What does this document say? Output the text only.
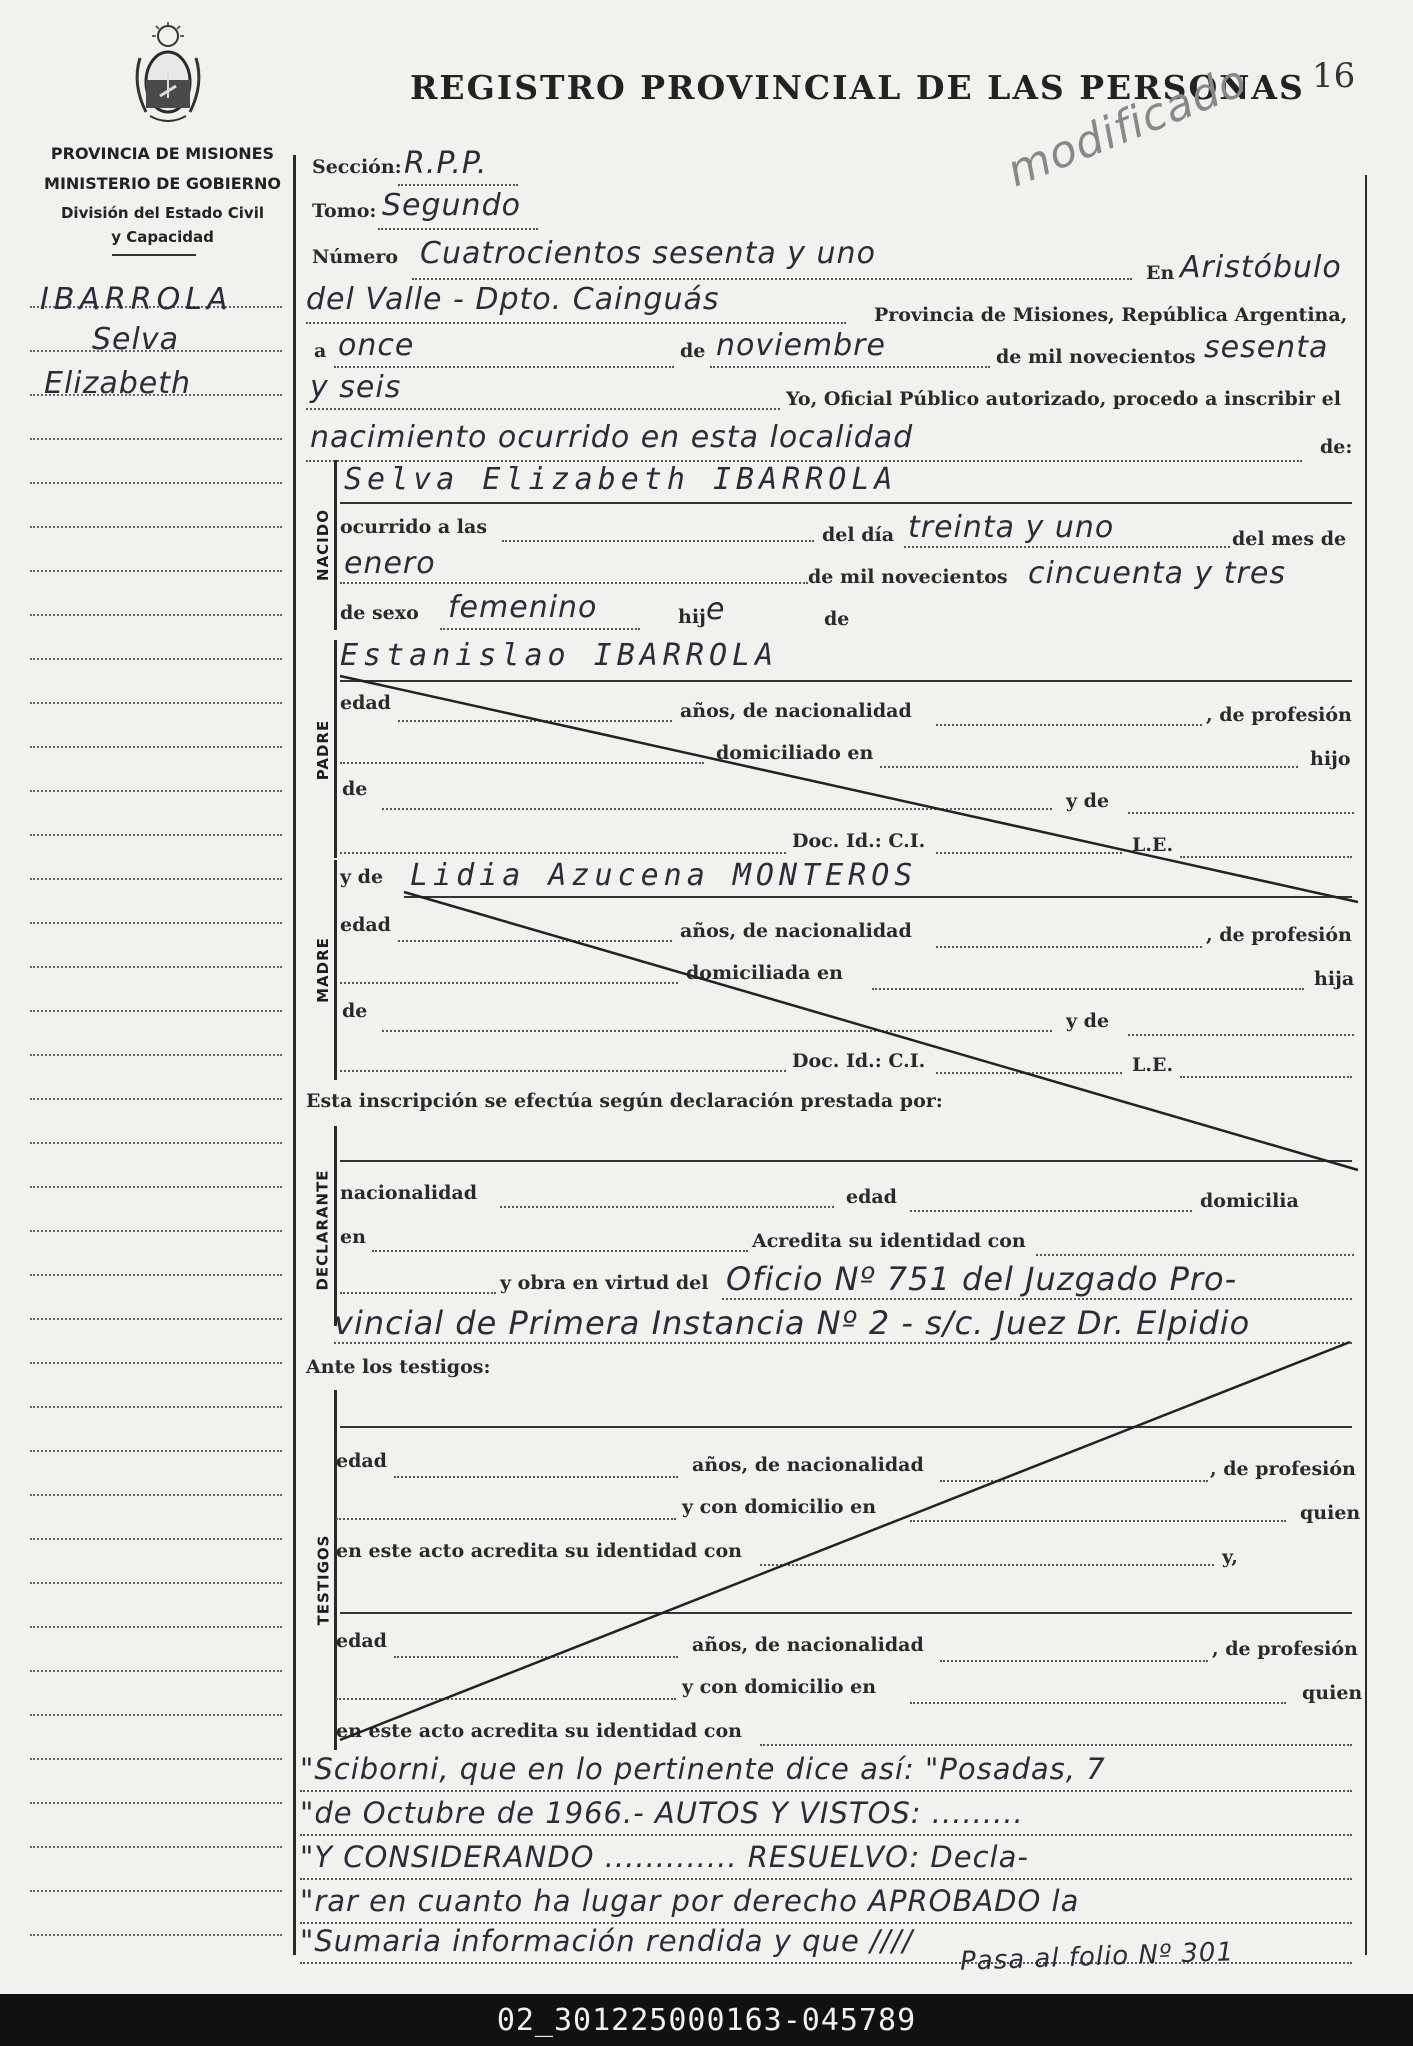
REGISTRO PROVINCIAL DE LAS PERSONAS 16
modificado
PROVINCIA DE MISIONES
MINISTERIO DE GOBIERNO
División del Estado Civil
y Capacidad
IBARROLA
Selva
Elizabeth
Sección: R.P.P.
Tomo: Segundo
Número Cuatrocientos sesenta y uno
En Aristóbulo
del Valle - Dpto. Cainguás	Provincia de Misiones, República Argentina,
a once	de noviembre	de mil novecientos sesenta
y seis	Yo, Oficial Público autorizado, procedo a inscribir el
nacimiento ocurrido en esta localidad	de:
NACIDO
Selva Elizabeth IBARROLA
ocurrido a las	del día treinta y uno	del mes de
enero	de mil novecientos cincuenta y tres
de sexo femenino	hij e	de
PADRE
Estanislao IBARROLA
edad	años, de nacionalidad	, de profesión
domiciliado en	hijo
de
y de
Doc. Id.: C.I.	L.E.
MADRE
y de Lidia Azucena MONTEROS
edad	años, de nacionalidad	, de profesión
domiciliada en	hija
de	y de
Doc. Id.: C.I.	L.E.
Esta inscripción se efectúa según declaración prestada por:
DECLARANTE nacionalidad	edad	domicilia
en	Acredita su identidad con
y obra en virtud del Oficio Nº 751 del Juzgado Pro-
vincial de Primera Instancia Nº 2 - s/c. Juez Dr. Elpidio
Ante los testigos:
TESTIGOS
edad	años, de nacionalidad	, de profesión
y con domicilio en	quien
en este acto acredita su identidad con	y,
edad	años, de nacionalidad	, de profesión
y con domicilio en	quien
en este acto acredita su identidad con
"Sciborni, que en lo pertinente dice así: "Posadas, 7
"de Octubre de 1966.- AUTOS Y VISTOS: .........
"Y CONSIDERANDO ............. RESUELVO: Decla-
"rar en cuanto ha lugar por derecho APROBADO la
"Sumaria información rendida y que //// Pasa al folio Nº 301
02_301225000163-045789
